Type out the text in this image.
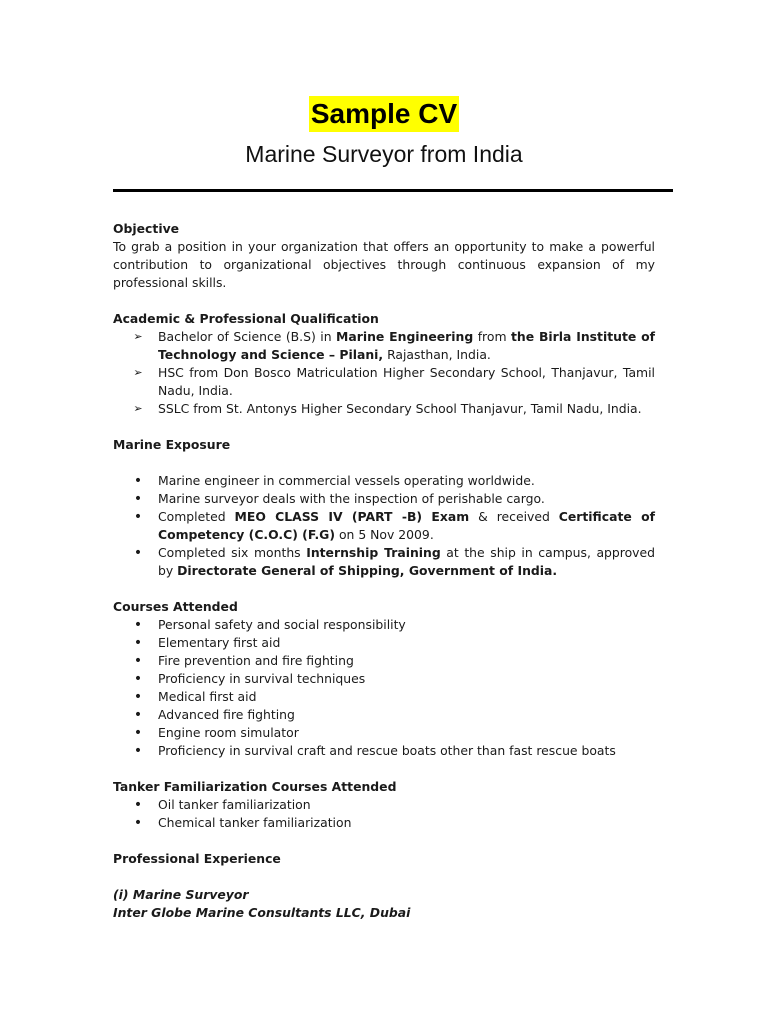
Sample CV
Marine Surveyor from India
Objective

To grab a position in your organization that offers an opportunity to make a powerful contribution to organizational objectives through continuous expansion of my professional skills.

Academic & Professional Qualification
➢ Bachelor of Science (B.S) in Marine Engineering from the Birla Institute of Technology and Science – Pilani, Rajasthan, India.
➢ HSC from Don Bosco Matriculation Higher Secondary School, Thanjavur, Tamil Nadu, India.
➢ SSLC from St. Antonys Higher Secondary School Thanjavur, Tamil Nadu, India.
Marine Exposure
• Marine engineer in commercial vessels operating worldwide.
• Marine surveyor deals with the inspection of perishable cargo.
• Completed MEO CLASS IV (PART -B) Exam & received Certificate of Competency (C.O.C) (F.G) on 5 Nov 2009.
• Completed six months Internship Training at the ship in campus, approved by Directorate General of Shipping, Government of India.
Courses Attended
• Personal safety and social responsibility
• Elementary first aid
• Fire prevention and fire fighting
• Proficiency in survival techniques
• Medical first aid
• Advanced fire fighting
• Engine room simulator
• Proficiency in survival craft and rescue boats other than fast rescue boats
Tanker Familiarization Courses Attended
• Oil tanker familiarization
• Chemical tanker familiarization
Professional Experience
(i) Marine Surveyor
Inter Globe Marine Consultants LLC, Dubai
